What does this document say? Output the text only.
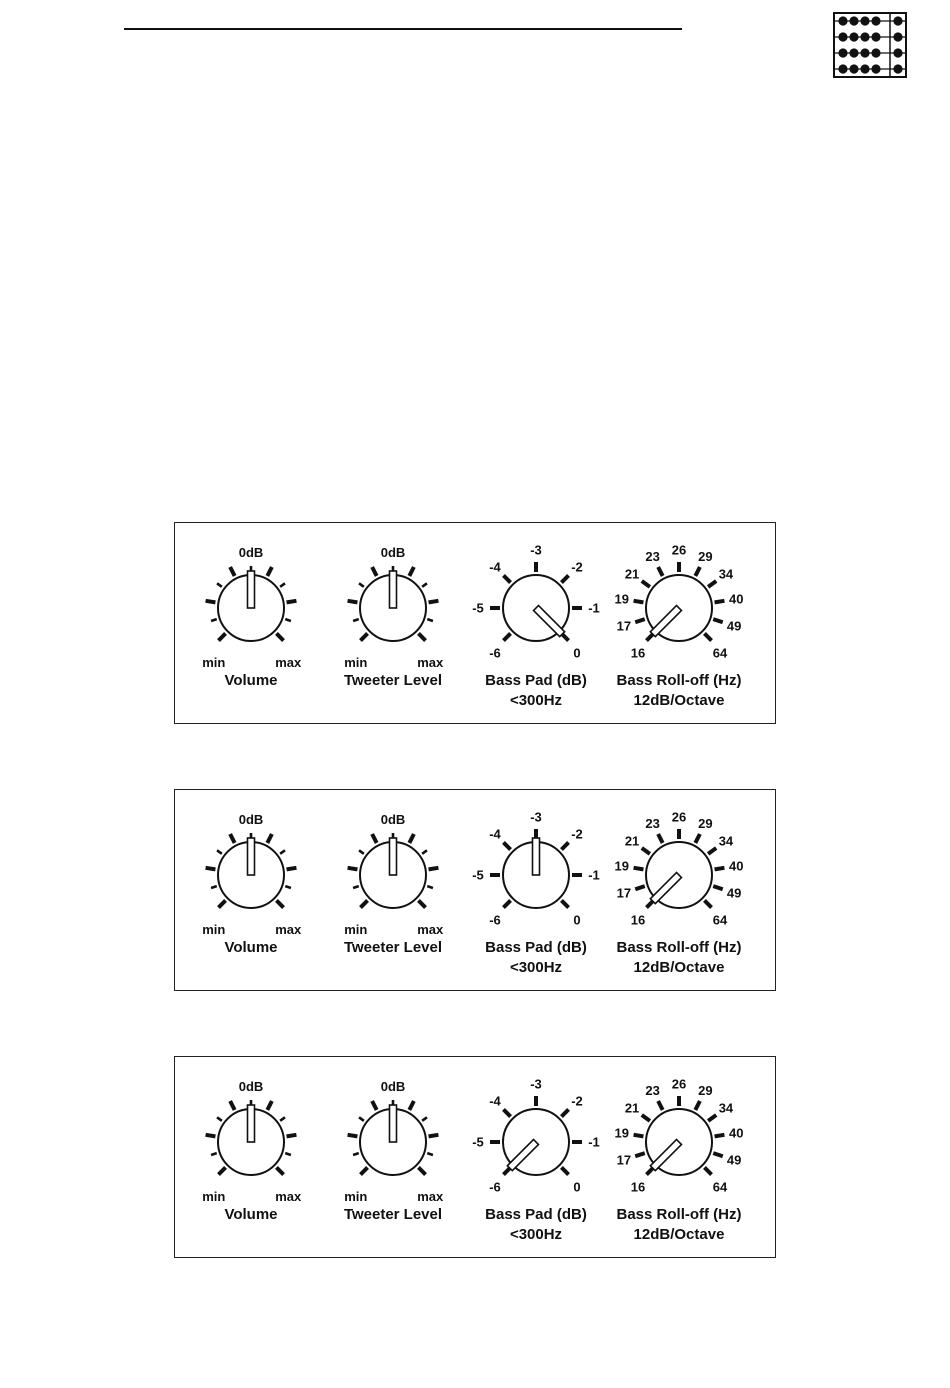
0dB
min	max
Volume
0dB
min	max
Tweeter Level
-6
-5
-4
-3
-2
-1
0
Bass Pad (dB)
<300Hz
16
17
19
21
23 26 29
34
40
49
64
Bass Roll-off (Hz)
12dB/Octave
0dB
min	max
Volume
0dB
min	max
Tweeter Level
-6
-5
-4
-3
-2
-1
0
Bass Pad (dB)
<300Hz
16
17
19
21
23 26 29
34
40
49
64
Bass Roll-off (Hz)
12dB/Octave
0dB
min	max
Volume
0dB
min	max
Tweeter Level
-6
-5
-4
-3
-2
-1
0
Bass Pad (dB)
<300Hz
16
17
19
21
23 26 29
34
40
49
64
Bass Roll-off (Hz)
12dB/Octave
